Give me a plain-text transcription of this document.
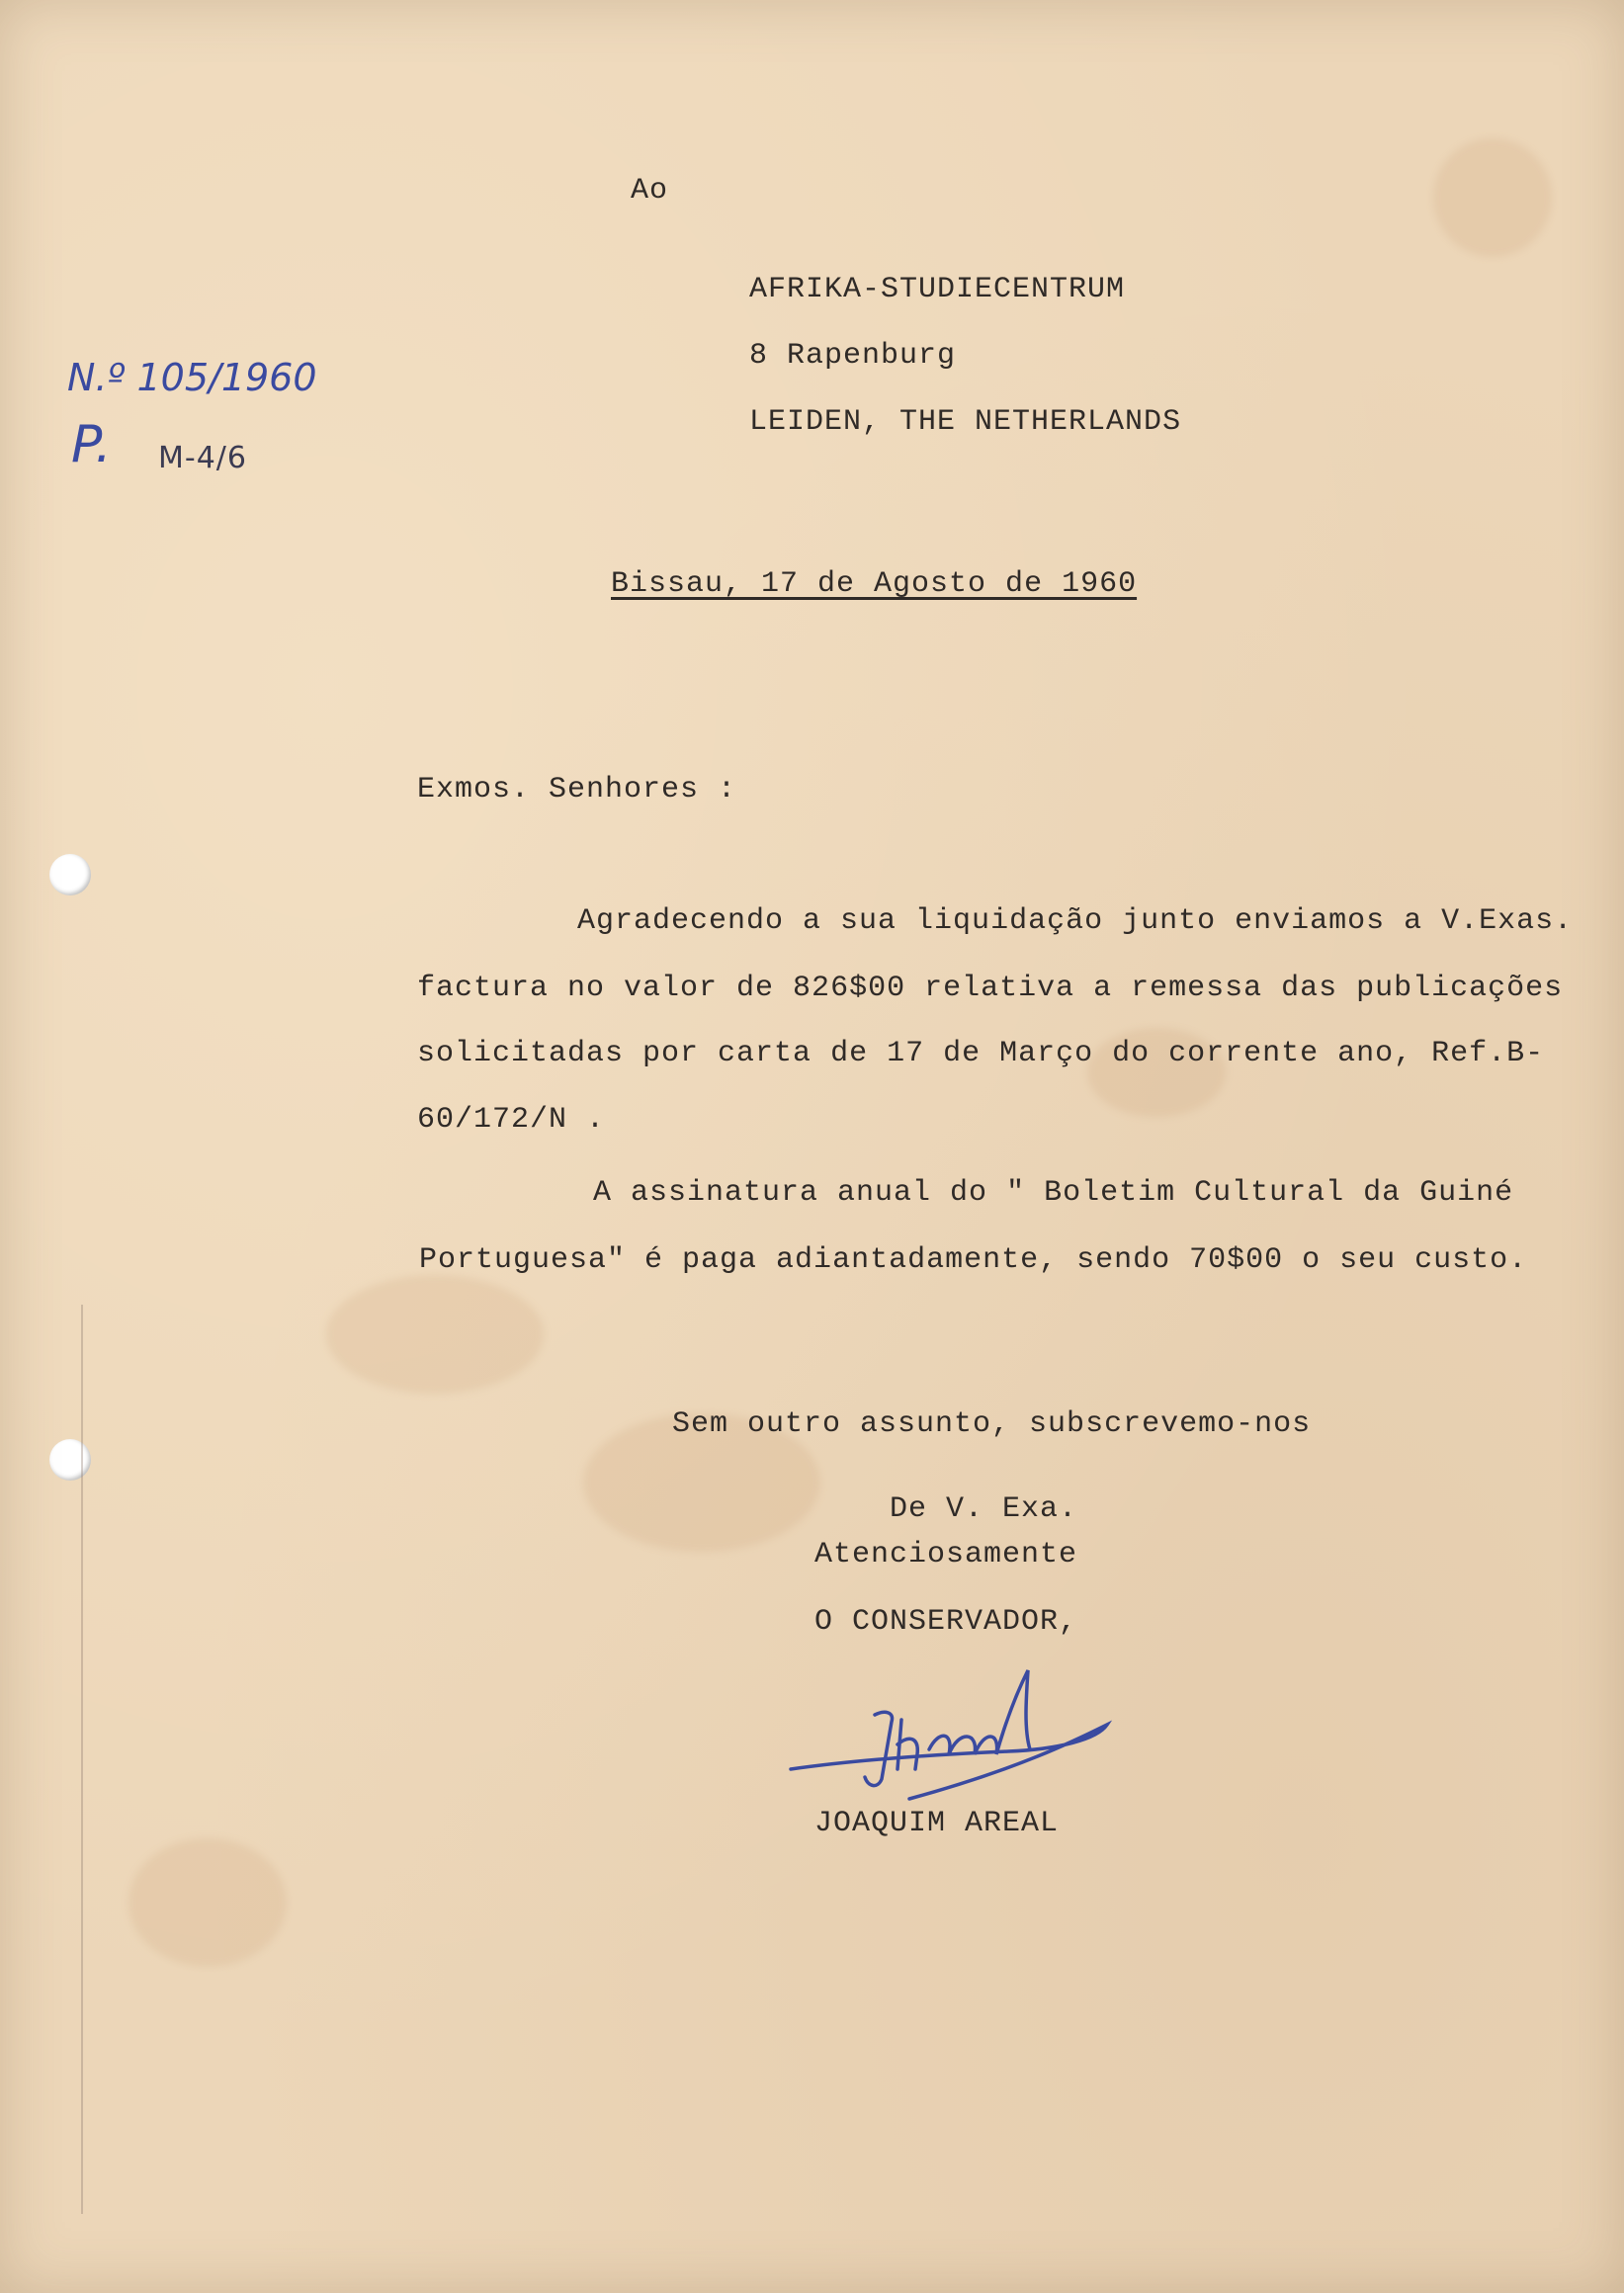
N.º 105/1960
P. M-4/6
Ao
AFRIKA-STUDIECENTRUM
8 Rapenburg
LEIDEN, THE NETHERLANDS
Bissau, 17 de Agosto de 1960
Exmos. Senhores :
Agradecendo a sua liquidação junto enviamos a V.Exas.
factura no valor de 826$00 relativa a remessa das publicações
solicitadas por carta de 17 de Março do corrente ano, Ref.B-
60/172/N .
A assinatura anual do " Boletim Cultural da Guiné
Portuguesa" é paga adiantadamente, sendo 70$00 o seu custo.
Sem outro assunto, subscrevemo-nos
De V. Exa.
Atenciosamente
O CONSERVADOR,
JOAQUIM AREAL
